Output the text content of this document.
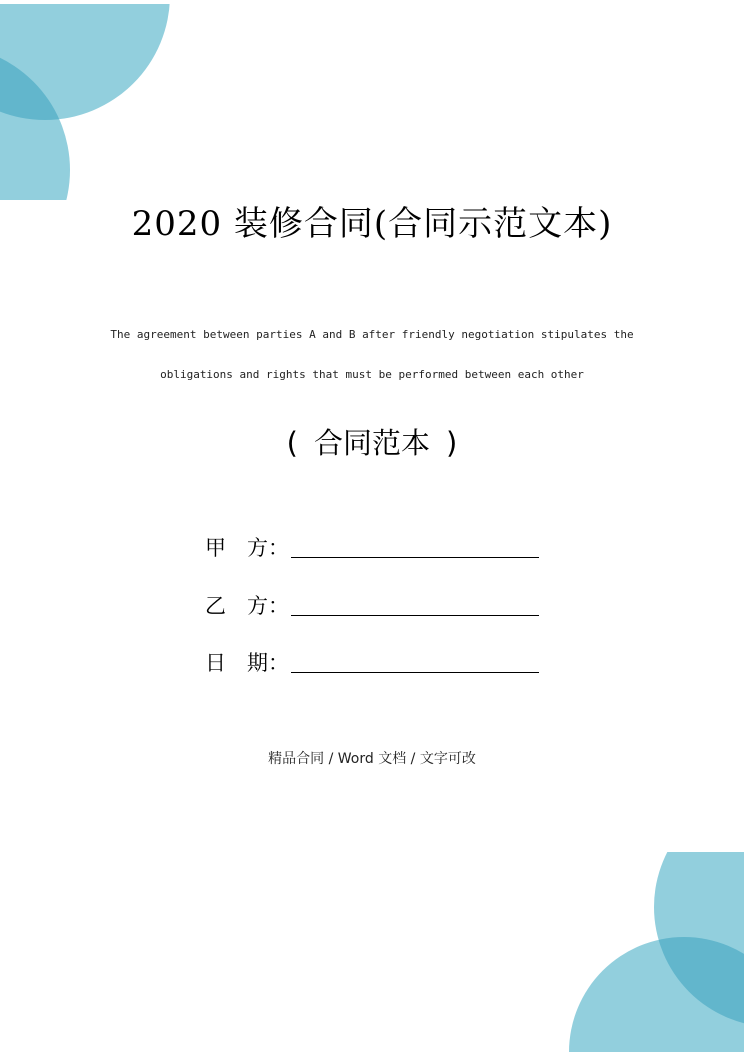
2020 装修合同(合同示范文本)
The agreement between parties A and B after friendly negotiation stipulates the
obligations and rights that must be performed between each other
( 合同范本 )
甲　方：
乙　方：
日　期：
精品合同 / Word 文档 / 文字可改
